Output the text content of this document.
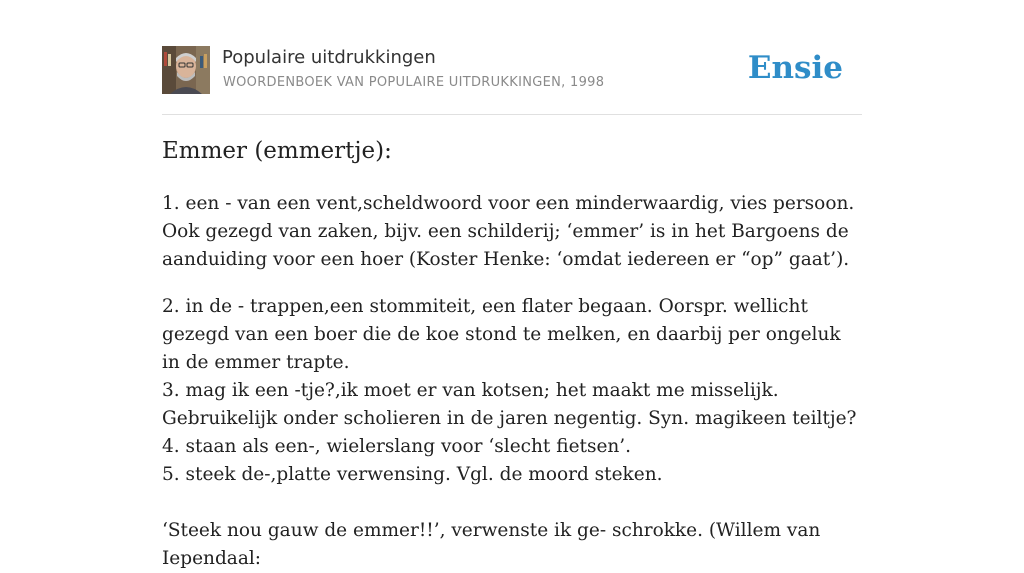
Populaire uitdrukkingen
WOORDENBOEK VAN POPULAIRE UITDRUKKINGEN, 1998	Ensie
Emmer (emmertje):

1. een - van een vent,scheldwoord voor een minderwaardig, vies persoon. Ook gezegd van zaken, bijv. een schilderij; ‘emmer’ is in het Bargoens de aanduiding voor een hoer (Koster Henke: ‘omdat iedereen er “op” gaat’).

2. in de - trappen,een stommiteit, een flater begaan. Oorspr. wellicht gezegd van een boer die de koe stond te melken, en daarbij per ongeluk in de emmer trapte.

3. mag ik een -tje?,ik moet er van kotsen; het maakt me misselijk. Gebruikelijk onder scholieren in de jaren negentig. Syn. magikeen teiltje?

4. staan als een-, wielerslang voor ‘slecht fietsen’.

5. steek de-,platte verwensing. Vgl. de moord steken.

‘Steek nou gauw de emmer!!’, verwenste ik ge- schrokke. (Willem van Iependaal:
